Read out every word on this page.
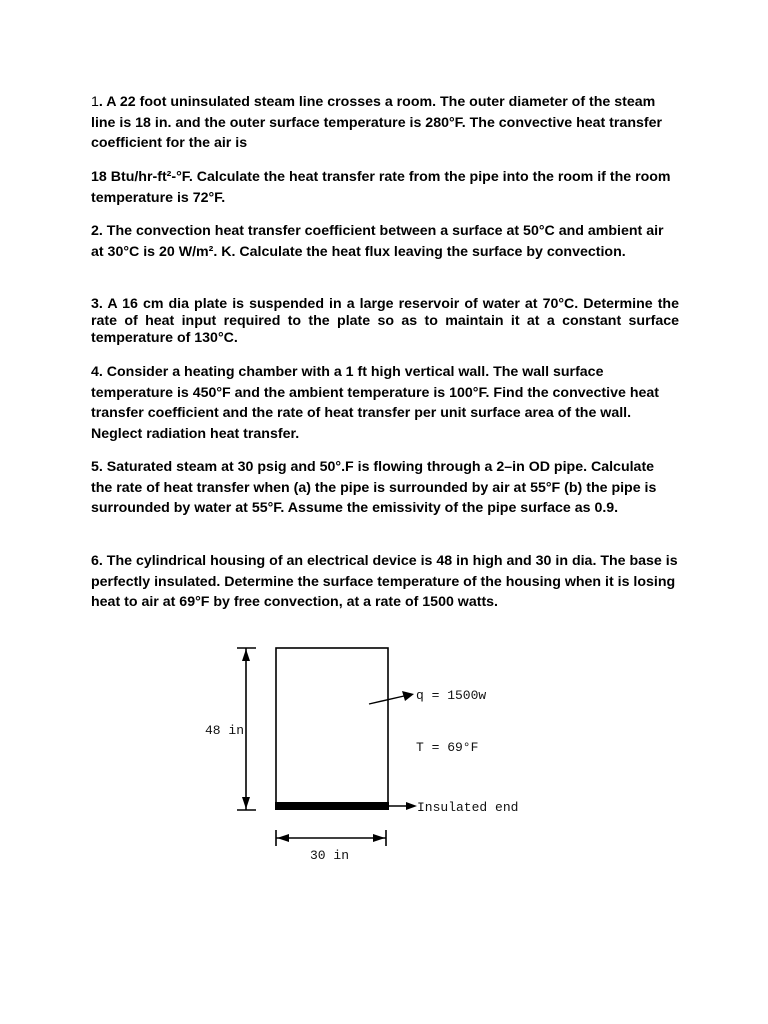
1. A 22 foot uninsulated steam line crosses a room. The outer diameter of the steam line is 18 in. and the outer surface temperature is 280°F. The convective heat transfer coefficient for the air is

18 Btu/hr-ft²-°F. Calculate the heat transfer rate from the pipe into the room if the room temperature is 72°F.

2. The convection heat transfer coefficient between a surface at 50°C and ambient air at 30°C is 20 W/m². K. Calculate the heat flux leaving the surface by convection.

3. A 16 cm dia plate is suspended in a large reservoir of water at 70°C. Determine the rate of heat input required to the plate so as to maintain it at a constant surface temperature of 130°C.

4. Consider a heating chamber with a 1 ft high vertical wall. The wall surface temperature is 450°F and the ambient temperature is 100°F. Find the convective heat transfer coefficient and the rate of heat transfer per unit surface area of the wall. Neglect radiation heat transfer.

5. Saturated steam at 30 psig and 50°.F is flowing through a 2–in OD pipe. Calculate the rate of heat transfer when (a) the pipe is surrounded by air at 55°F (b) the pipe is surrounded by water at 55°F. Assume the emissivity of the pipe surface as 0.9.

6. The cylindrical housing of an electrical device is 48 in high and 30 in dia. The base is perfectly insulated. Determine the surface temperature of the housing when it is losing heat to air at 69°F by free convection, at a rate of 1500 watts.

48 in
q = 1500w
T = 69°F
Insulated end
30 in
